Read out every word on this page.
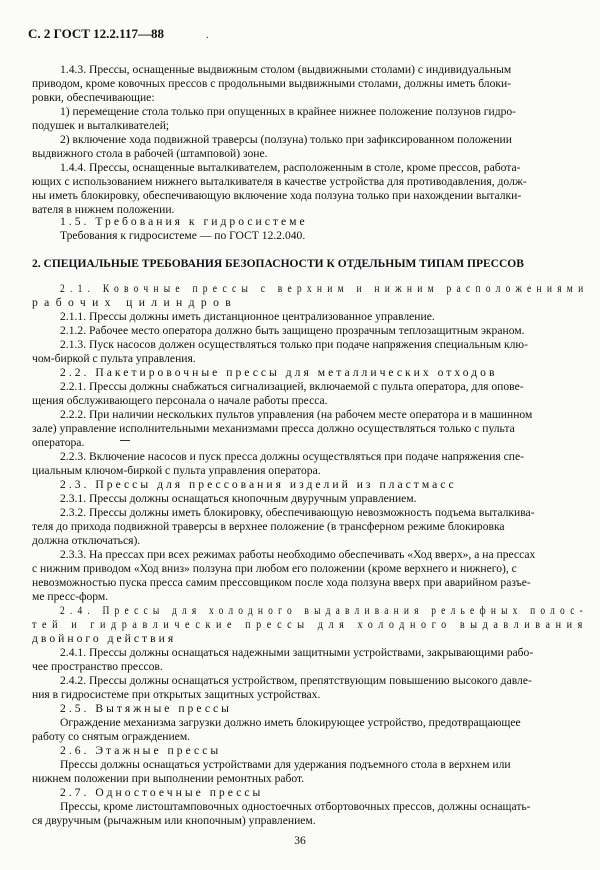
С. 2 ГОСТ 12.2.117—88	.
1.4.3. Прессы, оснащенные выдвижным столом (выдвижными столами) с индивидуальным
приводом, кроме ковочных прессов с продольными выдвижными столами, должны иметь блоки-
ровки, обеспечивающие:
1) перемещение стола только при опущенных в крайнее нижнее положение ползунов гидро-
подушек и выталкивателей;
2) включение хода подвижной траверсы (ползуна) только при зафиксированном положении
выдвижного стола в рабочей (штамповой) зоне.
1.4.4. Прессы, оснащенные выталкивателем, расположенным в столе, кроме прессов, работа-
ющих с использованием нижнего выталкивателя в качестве устройства для противодавления, долж-
ны иметь блокировку, обеспечивающую включение хода ползуна только при нахождении выталки-
вателя в нижнем положении.
1.5. Требования к гидросистеме
Требования к гидросистеме — по ГОСТ 12.2.040.
2. СПЕЦИАЛЬНЫЕ ТРЕБОВАНИЯ БЕЗОПАСНОСТИ К ОТДЕЛЬНЫМ ТИПАМ ПРЕССОВ
2.1. Ковочные прессы с верхним и нижним расположениями
рабочих цилиндров
2.1.1. Прессы должны иметь дистанционное централизованное управление.
2.1.2. Рабочее место оператора должно быть защищено прозрачным теплозащитным экраном.
2.1.3. Пуск насосов должен осуществляться только при подаче напряжения специальным клю-
чом-биркой с пульта управления.
2.2. Пакетировочные прессы для металлических отходов
2.2.1. Прессы должны снабжаться сигнализацией, включаемой с пульта оператора, для опове-
щения обслуживающего персонала о начале работы пресса.
2.2.2. При наличии нескольких пультов управления (на рабочем месте оператора и в машинном
зале) управление исполнительными механизмами пресса должно осуществляться только с пульта
оператора.
2.2.3. Включение насосов и пуск пресса должны осуществляться при подаче напряжения спе-
циальным ключом-биркой с пульта управления оператора.
2.3. Прессы для прессования изделий из пластмасс
2.3.1. Прессы должны оснащаться кнопочным двуручным управлением.
2.3.2. Прессы должны иметь блокировку, обеспечивающую невозможность подъема выталкива-
теля до прихода подвижной траверсы в верхнее положение (в трансферном режиме блокировка
должна отключаться).
2.3.3. На прессах при всех режимах работы необходимо обеспечивать «Ход вверх», а на прессах
с нижним приводом «Ход вниз» ползуна при любом его положении (кроме верхнего и нижнего), с
невозможностью пуска пресса самим прессовщиком после хода ползуна вверх при аварийном разъе-
ме пресс-форм.
2.4. Прессы для холодного выдавливания рельефных полос-
тей и гидравлические прессы для холодного выдавливания
двойного действия
2.4.1. Прессы должны оснащаться надежными защитными устройствами, закрывающими рабо-
чее пространство прессов.
2.4.2. Прессы должны оснащаться устройством, препятствующим повышению высокого давле-
ния в гидросистеме при открытых защитных устройствах.
2.5. Вытяжные прессы
Ограждение механизма загрузки должно иметь блокирующее устройство, предотвращающее
работу со снятым ограждением.
2.6. Этажные прессы
Прессы должны оснащаться устройствами для удержания подъемного стола в верхнем или
нижнем положении при выполнении ремонтных работ.
2.7. Одностоечные прессы
Прессы, кроме листоштамповочных одностоечных отбортовочных прессов, должны оснащать-
ся двуручным (рычажным или кнопочным) управлением.
36
